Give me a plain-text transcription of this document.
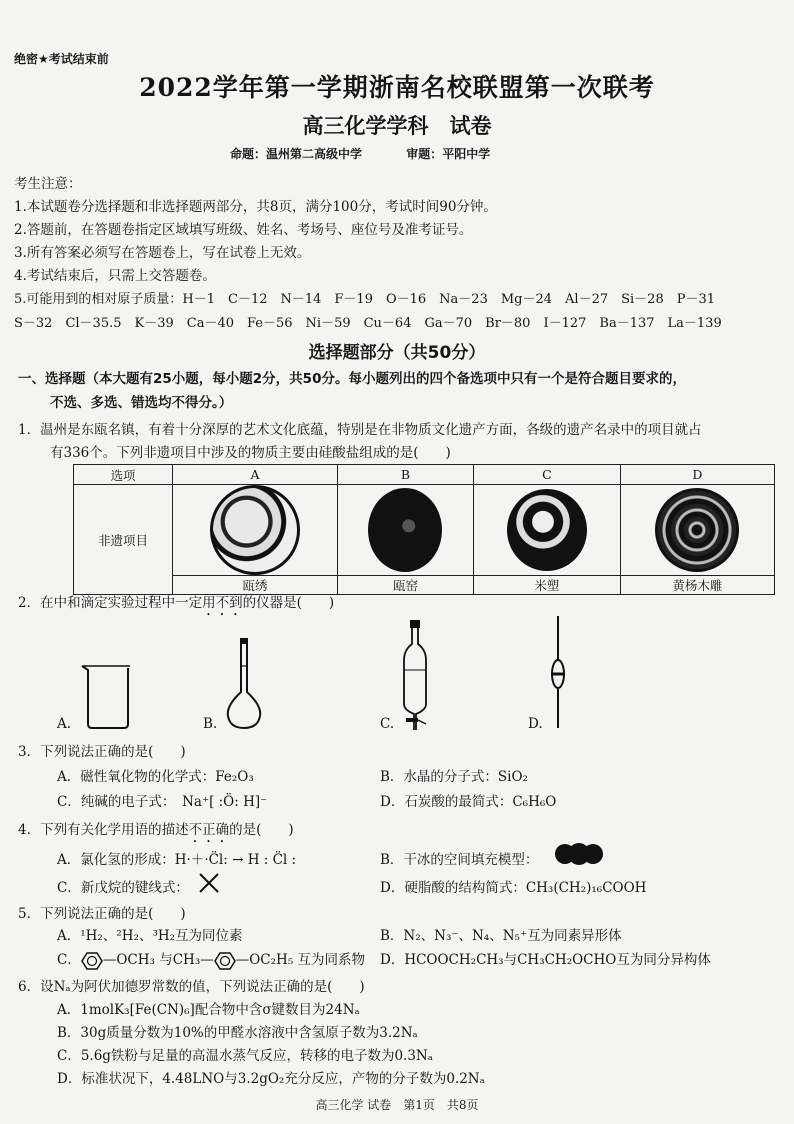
绝密★考试结束前
2022学年第一学期浙南名校联盟第一次联考
高三化学学科　试卷
命题：温州第二高级中学	审题：平阳中学
考生注意：
1.本试题卷分选择题和非选择题两部分，共8页，满分100分，考试时间90分钟。
2.答题前，在答题卷指定区域填写班级、姓名、考场号、座位号及准考证号。
3.所有答案必须写在答题卷上，写在试卷上无效。
4.考试结束后，只需上交答题卷。
5.可能用到的相对原子质量：H－1　C－12　N－14　F－19　O－16　Na－23　Mg－24　Al－27　Si－28　P－31
S－32　Cl－35.5　K－39　Ca－40　Fe－56　Ni－59　Cu－64　Ga－70　Br－80　I－127　Ba－137　La－139
选择题部分（共50分）
一、选择题（本大题有25小题，每小题2分，共50分。每小题列出的四个备选项中只有一个是符合题目要求的，
不选、多选、错选均不得分。）
1．温州是东瓯名镇，有着十分深厚的艺术文化底蕴，特别是在非物质文化遗产方面，各级的遗产名录中的项目就占
有336个。下列非遗项目中涉及的物质主要由硅酸盐组成的是(　　)
选项	A	B	C	D
非遗项目				
	瓯绣	瓯窑	米塑	黄杨木雕
2．在中和滴定实验过程中一定用不到的仪器是(　　)
A.	B.	C.	D.
3．下列说法正确的是(　　)
A．磁性氧化物的化学式：Fe₂O₃	B．水晶的分子式：SiO₂
C．纯碱的电子式：　Na⁺[ :Ö: H]⁻	D．石炭酸的最简式：C₆H₆O
4．下列有关化学用语的描述不正确的是(　　)
A．氯化氢的形成：H·＋·C̈l: → H : C̈l :	B．干冰的空间填充模型：
C．新戊烷的键线式：	D．硬脂酸的结构简式：CH₃(CH₂)₁₆COOH
5．下列说法正确的是(　　)
A．¹H₂、²H₂、³H₂互为同位素	B．N₂、N₃⁻、N₄、N₅⁺互为同素异形体
C． —OCH₃ 与CH₃— —OC₂H₅ 互为同系物 D．HCOOCH₂CH₃与CH₃CH₂OCHO互为同分异构体
6．设Nₐ为阿伏加德罗常数的值，下列说法正确的是(　　)
A．1molK₃[Fe(CN)₆]配合物中含σ键数目为24Nₐ
B．30g质量分数为10%的甲醛水溶液中含氢原子数为3.2Nₐ
C．5.6g铁粉与足量的高温水蒸气反应，转移的电子数为0.3Nₐ
D．标准状况下，4.48LNO与3.2gO₂充分反应，产物的分子数为0.2Nₐ
高三化学 试卷　第1页　共8页
